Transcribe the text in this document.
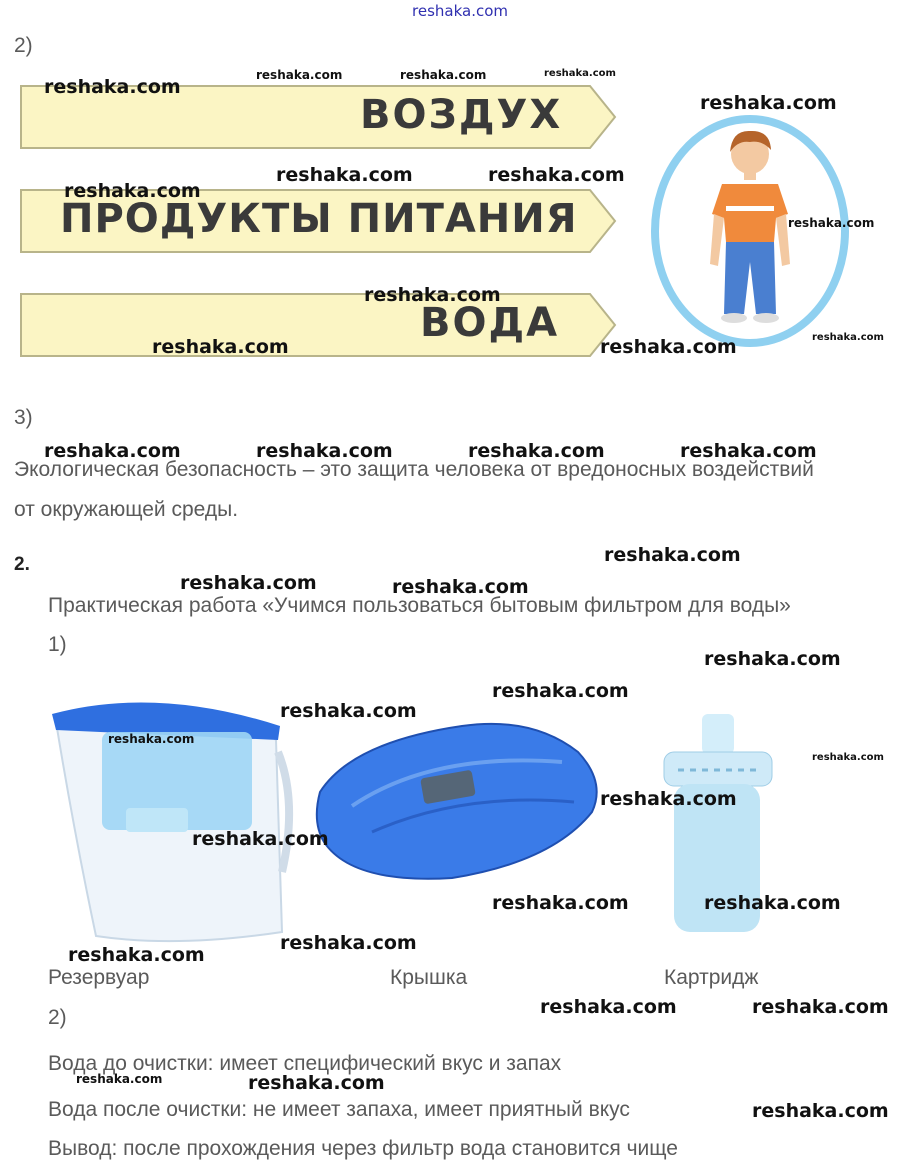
reshaka.com
2)
ВОЗДУХ
ПРОДУКТЫ ПИТАНИЯ
ВОДА
3)
Экологическая безопасность – это защита человека от вредоносных воздействий
от окружающей среды.
2.
Практическая работа «Учимся пользоваться бытовым фильтром для воды»
1)
Резервуар	Крышка	Картридж
2)
Вода до очистки: имеет специфический вкус и запах
Вода после очистки: не имеет запаха, имеет приятный вкус
Вывод: после прохождения через фильтр вода становится чище
reshaka.com
reshaka.com	reshaka.com	reshaka.com
reshaka.com
reshaka.com
reshaka.com	reshaka.com
reshaka.com
reshaka.com
reshaka.com	reshaka.com	reshaka.com
reshaka.com	reshaka.com	reshaka.com	reshaka.com
reshaka.com
reshaka.com	reshaka.com
reshaka.com
reshaka.com
reshaka.com
reshaka.com
reshaka.com
reshaka.com
reshaka.com
reshaka.com	reshaka.com
reshaka.com
reshaka.com
reshaka.com	reshaka.com
reshaka.com	reshaka.com
reshaka.com
